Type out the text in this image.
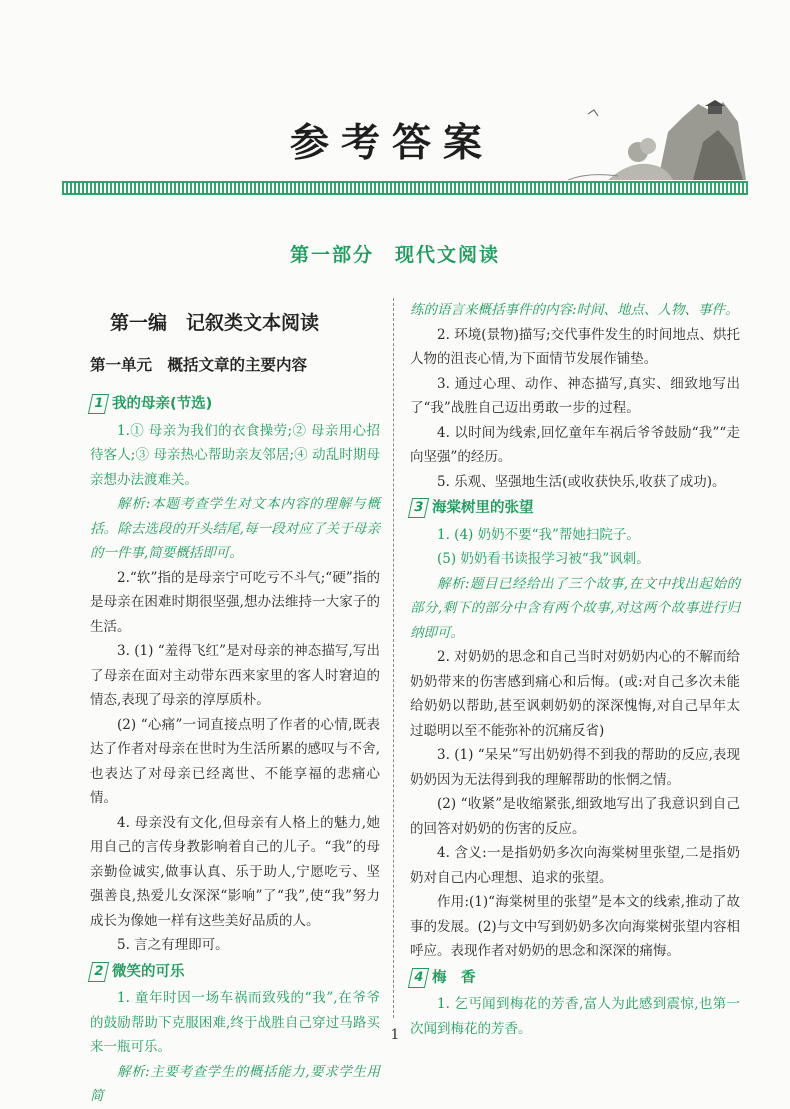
参考答案
第一部分　现代文阅读
第一编　记叙类文本阅读
第一单元　概括文章的主要内容
1 我的母亲(节选)

1.① 母亲为我们的衣食操劳;② 母亲用心招待客人;③ 母亲热心帮助亲友邻居;④ 动乱时期母亲想办法渡难关。

解析:本题考查学生对文本内容的理解与概括。除去选段的开头结尾,每一段对应了关于母亲的一件事,简要概括即可。

2.“软”指的是母亲宁可吃亏不斗气;“硬”指的是母亲在困难时期很坚强,想办法维持一大家子的生活。

3. (1) “羞得飞红”是对母亲的神态描写,写出了母亲在面对主动带东西来家里的客人时窘迫的情态,表现了母亲的淳厚质朴。

(2) “心痛”一词直接点明了作者的心情,既表达了作者对母亲在世时为生活所累的感叹与不舍,也表达了对母亲已经离世、不能享福的悲痛心情。

4. 母亲没有文化,但母亲有人格上的魅力,她用自己的言传身教影响着自己的儿子。“我”的母亲勤俭诚实,做事认真、乐于助人,宁愿吃亏、坚强善良,热爱儿女深深“影响”了“我”,使“我”努力成长为像她一样有这些美好品质的人。

5. 言之有理即可。

2 微笑的可乐

1. 童年时因一场车祸而致残的“我”,在爷爷的鼓励帮助下克服困难,终于战胜自己穿过马路买来一瓶可乐。

解析:主要考查学生的概括能力,要求学生用简

练的语言来概括事件的内容:时间、地点、人物、事件。

2. 环境(景物)描写;交代事件发生的时间地点、烘托人物的沮丧心情,为下面情节发展作铺垫。

3. 通过心理、动作、神态描写,真实、细致地写出了“我”战胜自己迈出勇敢一步的过程。

4. 以时间为线索,回忆童年车祸后爷爷鼓励“我”“走向坚强”的经历。

5. 乐观、坚强地生活(或收获快乐,收获了成功)。

3 海棠树里的张望

1. (4) 奶奶不要“我”帮她扫院子。

(5) 奶奶看书读报学习被“我”讽刺。

解析:题目已经给出了三个故事,在文中找出起始的部分,剩下的部分中含有两个故事,对这两个故事进行归纳即可。

2. 对奶奶的思念和自己当时对奶奶内心的不解而给奶奶带来的伤害感到痛心和后悔。(或:对自己多次未能给奶奶以帮助,甚至讽刺奶奶的深深愧悔,对自己早年太过聪明以至不能弥补的沉痛反省)

3. (1) “呆呆”写出奶奶得不到我的帮助的反应,表现奶奶因为无法得到我的理解帮助的怅惘之情。

(2) “收紧”是收缩紧张,细致地写出了我意识到自己的回答对奶奶的伤害的反应。

4. 含义:一是指奶奶多次向海棠树里张望,二是指奶奶对自己内心理想、追求的张望。

作用:(1)“海棠树里的张望”是本文的线索,推动了故事的发展。(2)与文中写到奶奶多次向海棠树张望内容相呼应。表现作者对奶奶的思念和深深的痛悔。

4 梅　香

1. 乞丐闻到梅花的芳香,富人为此感到震惊,也第一次闻到梅花的芳香。

1
